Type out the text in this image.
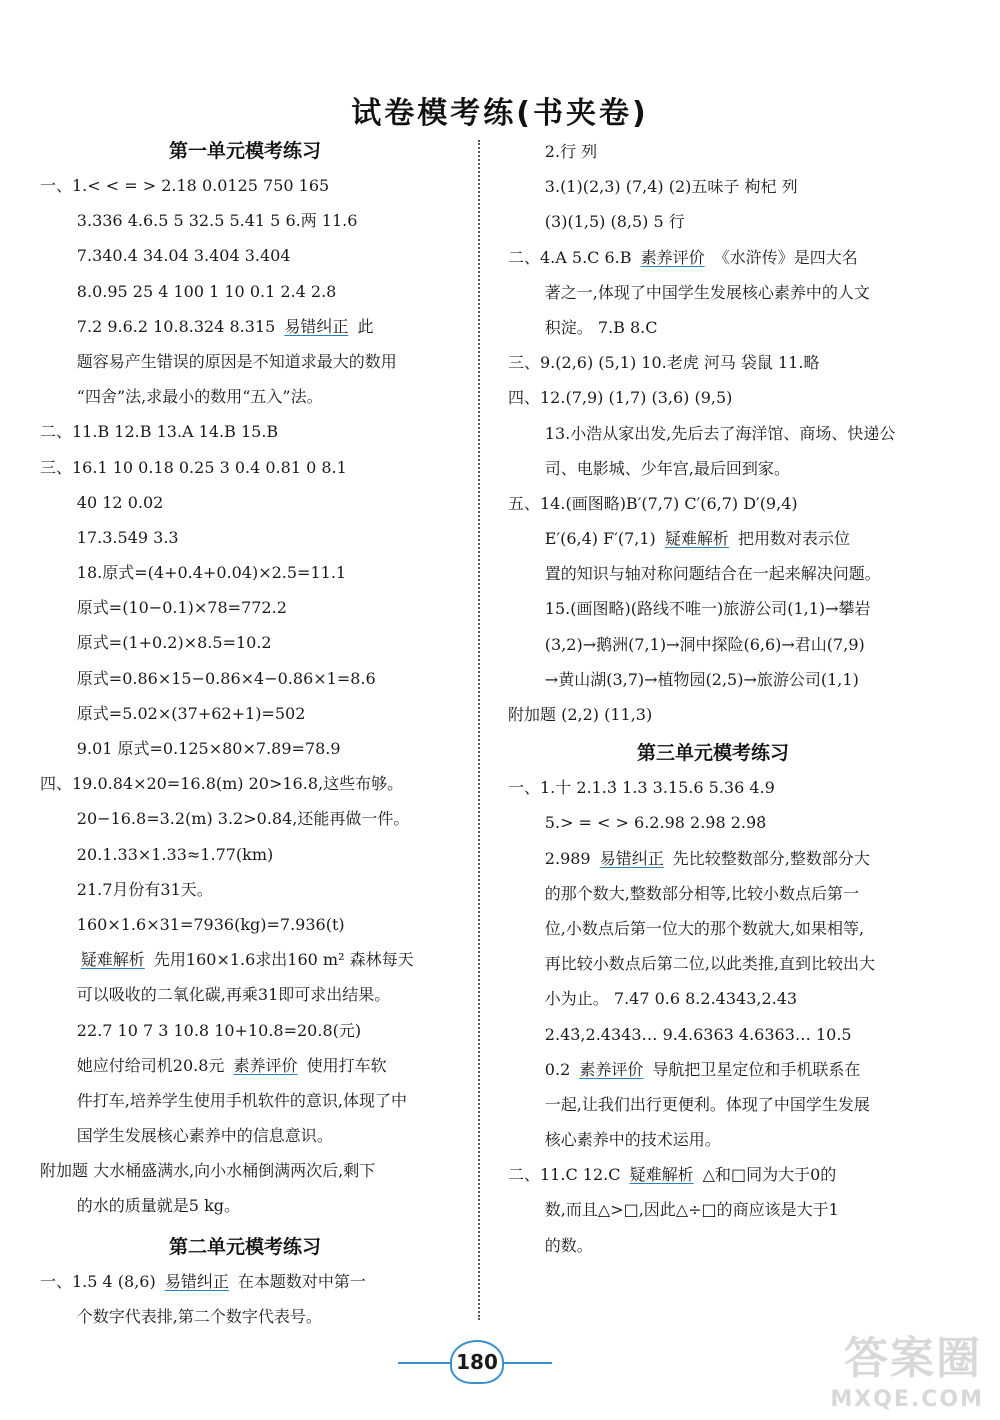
试卷模考练(书夹卷)
第一单元模考练习
一、1.< < = > 2.18 0.0125 750 165
3.336 4.6.5 5 32.5 5.41 5 6.两 11.6
7.340.4 34.04 3.404 3.404
8.0.95 25 4 100 1 10 0.1 2.4 2.8
7.2 9.6.2 10.8.324 8.315 易错纠正 此
题容易产生错误的原因是不知道求最大的数用
“四舍”法,求最小的数用“五入”法。
二、11.B 12.B 13.A 14.B 15.B
三、16.1 10 0.18 0.25 3 0.4 0.81 0 8.1
40 12 0.02
17.3.549 3.3
18.原式=(4+0.4+0.04)×2.5=11.1
原式=(10−0.1)×78=772.2
原式=(1+0.2)×8.5=10.2
原式=0.86×15−0.86×4−0.86×1=8.6
原式=5.02×(37+62+1)=502
9.01 原式=0.125×80×7.89=78.9
四、19.0.84×20=16.8(m) 20>16.8,这些布够。
20−16.8=3.2(m) 3.2>0.84,还能再做一件。
20.1.33×1.33≈1.77(km)
21.7月份有31天。
160×1.6×31=7936(kg)=7.936(t)
疑难解析 先用160×1.6求出160 m² 森林每天
可以吸收的二氧化碳,再乘31即可求出结果。
22.7 10 7 3 10.8 10+10.8=20.8(元)
她应付给司机20.8元 素养评价 使用打车软
件打车,培养学生使用手机软件的意识,体现了中
国学生发展核心素养中的信息意识。
附加题 大水桶盛满水,向小水桶倒满两次后,剩下
的水的质量就是5 kg。
第二单元模考练习
一、1.5 4 (8,6) 易错纠正 在本题数对中第一
个数字代表排,第二个数字代表号。
2.行 列
3.(1)(2,3) (7,4) (2)五味子 枸杞 列
(3)(1,5) (8,5) 5 行
二、4.A 5.C 6.B 素养评价 《水浒传》是四大名
著之一,体现了中国学生发展核心素养中的人文
积淀。 7.B 8.C
三、9.(2,6) (5,1) 10.老虎 河马 袋鼠 11.略
四、12.(7,9) (1,7) (3,6) (9,5)
13.小浩从家出发,先后去了海洋馆、商场、快递公
司、电影城、少年宫,最后回到家。
五、14.(画图略)B′(7,7) C′(6,7) D′(9,4)
E′(6,4) F′(7,1) 疑难解析 把用数对表示位
置的知识与轴对称问题结合在一起来解决问题。
15.(画图略)(路线不唯一)旅游公司(1,1)→攀岩
(3,2)→鹅洲(7,1)→洞中探险(6,6)→君山(7,9)
→黄山湖(3,7)→植物园(2,5)→旅游公司(1,1)
附加题 (2,2) (11,3)
第三单元模考练习
一、1.十 2.1.3̇ 1.3 3.15.6 5.36 4.9
5.> = < > 6.2.98 2.9̇8 2.9̇8̇
2.989 易错纠正 先比较整数部分,整数部分大
的那个数大,整数部分相等,比较小数点后第一
位,小数点后第一位大的那个数就大,如果相等,
再比较小数点后第二位,以此类推,直到比较出大
小为止。 7.47 0.6 8.2.4343,2.43
2.43̇,2.4343… 9.4.6363 4.6363… 10.5
0.2 素养评价 导航把卫星定位和手机联系在
一起,让我们出行更便利。体现了中国学生发展
核心素养中的技术运用。
二、11.C 12.C 疑难解析 △和□同为大于0的
数,而且△>□,因此△÷□的商应该是大于1
的数。
180	答案圈
MXQE.COM
